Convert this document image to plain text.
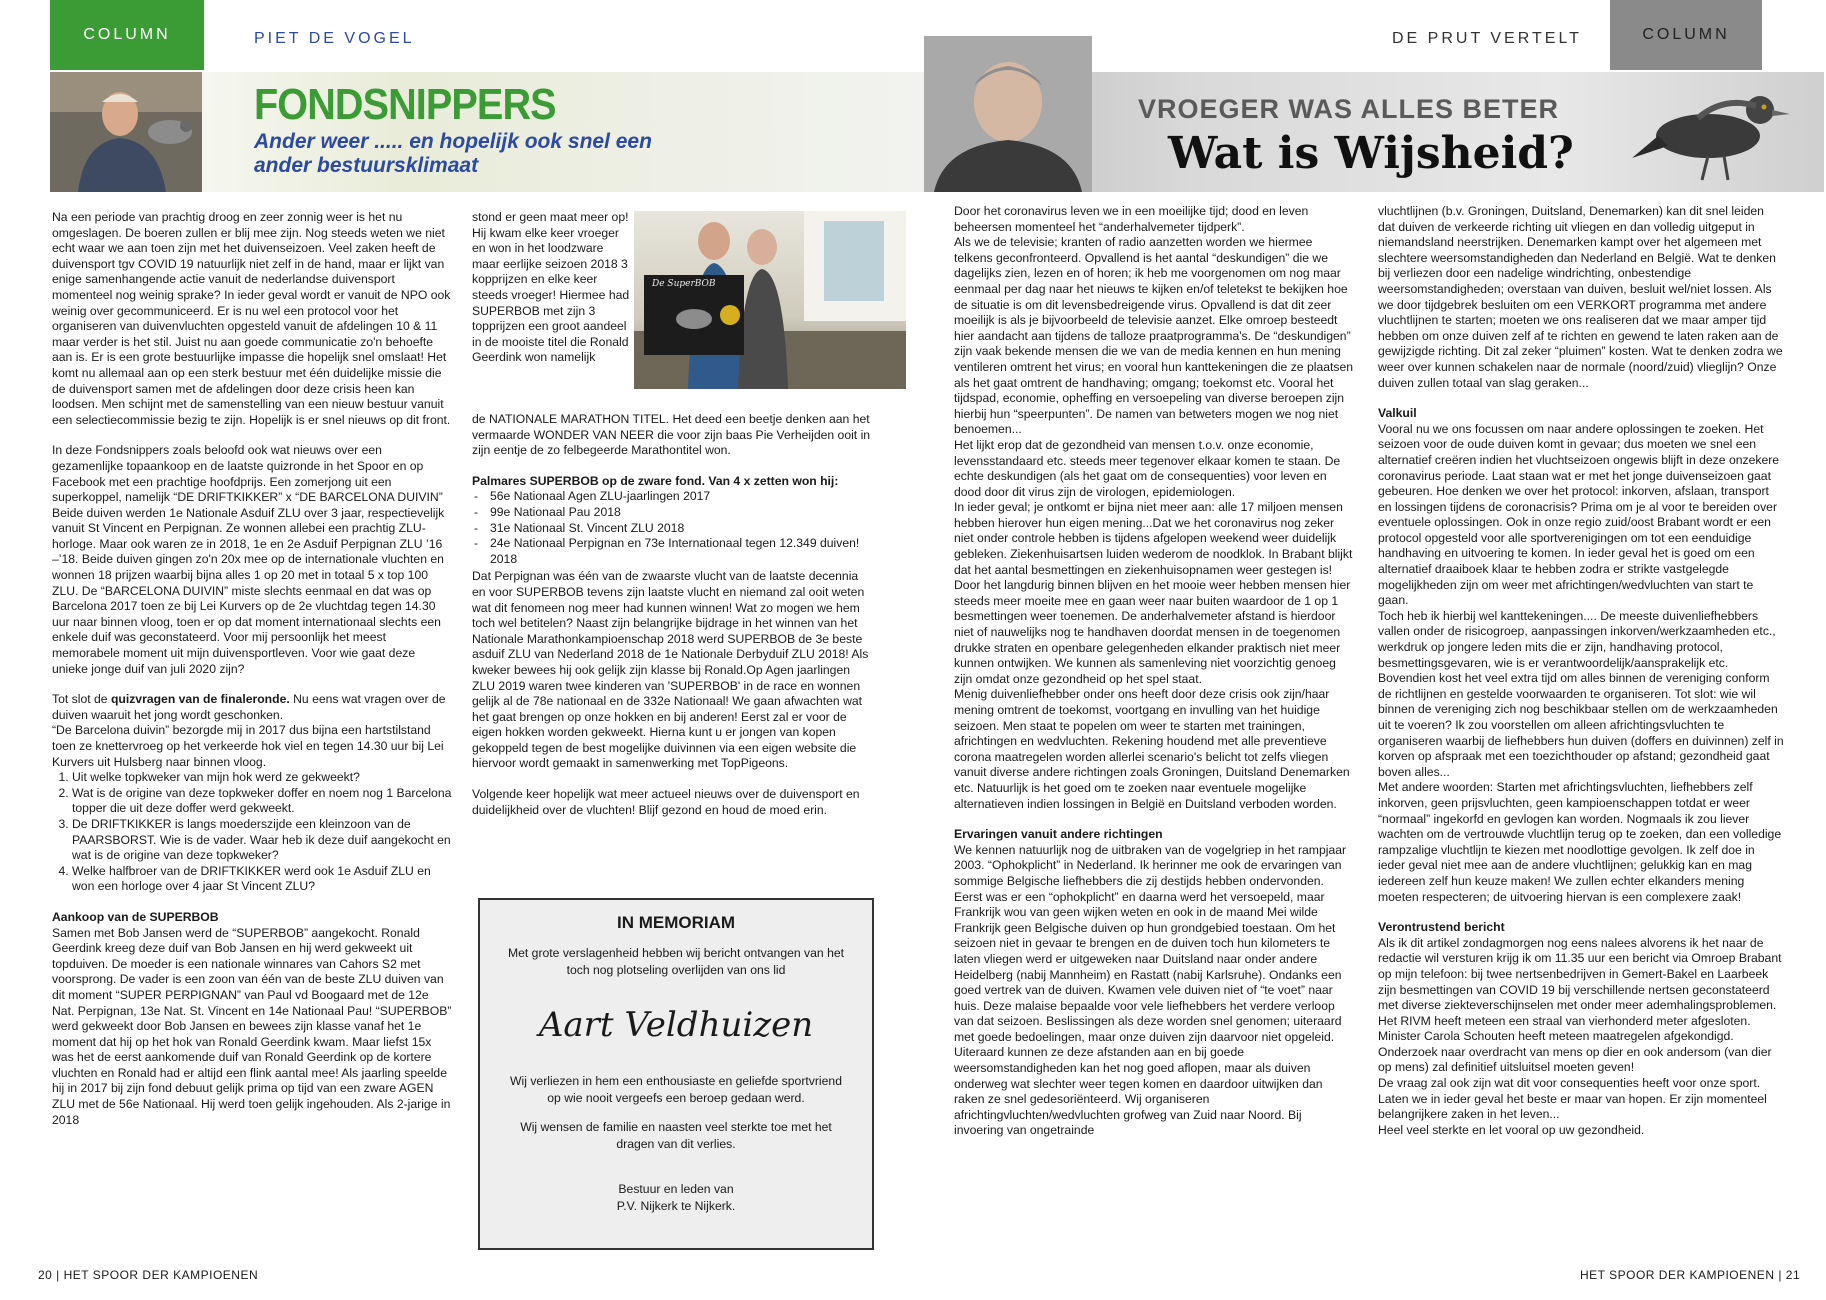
COLUMN	PIET DE VOGEL
FONDSNIPPERS
Ander weer ..... en hopelijk ook snel een
ander bestuursklimaat
DE PRUT VERTELT	COLUMN
VROEGER WAS ALLES BETER
Wat is Wijsheid?

Na een periode van prachtig droog en zeer zonnig weer is het nu omgeslagen. De boeren zullen er blij mee zijn. Nog steeds weten we niet echt waar we aan toen zijn met het duivenseizoen. Veel zaken heeft de duivensport tgv COVID 19 natuurlijk niet zelf in de hand, maar er lijkt van enige samenhangende actie vanuit de nederlandse duivensport momenteel nog weinig sprake? In ieder geval wordt er vanuit de NPO ook weinig over gecommuniceerd. Er is nu wel een protocol voor het organiseren van duivenvluchten opgesteld vanuit de afdelingen 10 & 11 maar verder is het stil. Juist nu aan goede communicatie zo'n behoefte aan is. Er is een grote bestuurlijke impasse die hopelijk snel omslaat! Het komt nu allemaal aan op een sterk bestuur met één duidelijke missie die de duivensport samen met de afdelingen door deze crisis heen kan loodsen. Men schijnt met de samenstelling van een nieuw bestuur vanuit een selectiecommissie bezig te zijn. Hopelijk is er snel nieuws op dit front.

In deze Fondsnippers zoals beloofd ook wat nieuws over een gezamenlijke topaankoop en de laatste quizronde in het Spoor en op Facebook met een prachtige hoofdprijs. Een zomerjong uit een superkoppel, namelijk “DE DRIFTKIKKER” x “DE BARCELONA DUIVIN” Beide duiven werden 1e Nationale Asduif ZLU over 3 jaar, respectievelijk vanuit St Vincent en Perpignan. Ze wonnen allebei een prachtig ZLU-horloge. Maar ook waren ze in 2018, 1e en 2e Asduif Perpignan ZLU ’16 –’18. Beide duiven gingen zo'n 20x mee op de internationale vluchten en wonnen 18 prijzen waarbij bijna alles 1 op 20 met in totaal 5 x top 100 ZLU. De “BARCELONA DUIVIN” miste slechts eenmaal en dat was op Barcelona 2017 toen ze bij Lei Kurvers op de 2e vluchtdag tegen 14.30 uur naar binnen vloog, toen er op dat moment internationaal slechts een enkele duif was geconstateerd. Voor mij persoonlijk het meest memorabele moment uit mijn duivensportleven. Voor wie gaat deze unieke jonge duif van juli 2020 zijn?

Tot slot de quizvragen van de finaleronde. Nu eens wat vragen over de duiven waaruit het jong wordt geschonken.

“De Barcelona duivin” bezorgde mij in 2017 dus bijna een hartstilstand toen ze knettervroeg op het verkeerde hok viel en tegen 14.30 uur bij Lei Kurvers uit Hulsberg naar binnen vloog.

1. Uit welke topkweker van mijn hok werd ze gekweekt?
2. Wat is de origine van deze topkweker doffer en noem nog 1 Barcelona topper die uit deze doffer werd gekweekt.
3. De DRIFTKIKKER is langs moederszijde een kleinzoon van de PAARSBORST. Wie is de vader. Waar heb ik deze duif aangekocht en wat is de origine van deze topkweker?
4. Welke halfbroer van de DRIFTKIKKER werd ook 1e Asduif ZLU en won een horloge over 4 jaar St Vincent ZLU?
Aankoop van de SUPERBOB

Samen met Bob Jansen werd de “SUPERBOB” aangekocht. Ronald Geerdink kreeg deze duif van Bob Jansen en hij werd gekweekt uit topduiven. De moeder is een nationale winnares van Cahors S2 met voorsprong. De vader is een zoon van één van de beste ZLU duiven van dit moment “SUPER PERPIGNAN” van Paul vd Boogaard met de 12e Nat. Perpignan, 13e Nat. St. Vincent en 14e Nationaal Pau! “SUPERBOB” werd gekweekt door Bob Jansen en bewees zijn klasse vanaf het 1e moment dat hij op het hok van Ronald Geerdink kwam. Maar liefst 15x was het de eerst aankomende duif van Ronald Geerdink op de kortere vluchten en Ronald had er altijd een flink aantal mee! Als jaarling speelde hij in 2017 bij zijn fond debuut gelijk prima op tijd van een zware AGEN ZLU met de 56e Nationaal. Hij werd toen gelijk ingehouden. Als 2-jarige in 2018

stond er geen maat meer op! Hij kwam elke keer vroeger en won in het loodzware maar eerlijke seizoen 2018 3 kopprijzen en elke keer steeds vroeger! Hiermee had SUPERBOB met zijn 3 topprijzen een groot aandeel in de mooiste titel die Ronald Geerdink won namelijk

De SuperBOB

de NATIONALE MARATHON TITEL. Het deed een beetje denken aan het vermaarde WONDER VAN NEER die voor zijn baas Pie Verheijden ooit in zijn eentje de zo felbegeerde Marathontitel won.

Palmares SUPERBOB op de zware fond. Van 4 x zetten won hij:
- 56e Nationaal Agen ZLU-jaarlingen 2017
- 99e Nationaal Pau 2018
- 31e Nationaal St. Vincent ZLU 2018
- 24e Nationaal Perpignan en 73e Internationaal tegen 12.349 duiven! 2018

Dat Perpignan was één van de zwaarste vlucht van de laatste decennia en voor SUPERBOB tevens zijn laatste vlucht en niemand zal ooit weten wat dit fenomeen nog meer had kunnen winnen! Wat zo mogen we hem toch wel betitelen? Naast zijn belangrijke bijdrage in het winnen van het Nationale Marathonkampioenschap 2018 werd SUPERBOB de 3e beste asduif ZLU van Nederland 2018 de 1e Nationale Derbyduif ZLU 2018! Als kweker bewees hij ook gelijk zijn klasse bij Ronald.Op Agen jaarlingen ZLU 2019 waren twee kinderen van 'SUPERBOB' in de race en wonnen gelijk al de 78e nationaal en de 332e Nationaal! We gaan afwachten wat het gaat brengen op onze hokken en bij anderen! Eerst zal er voor de eigen hokken worden gekweekt. Hierna kunt u er jongen van kopen gekoppeld tegen de best mogelijke duivinnen via een eigen website die hiervoor wordt gemaakt in samenwerking met TopPigeons.

Volgende keer hopelijk wat meer actueel nieuws over de duivensport en duidelijkheid over de vluchten! Blijf gezond en houd de moed erin.

IN MEMORIAM
Met grote verslagenheid hebben wij bericht ontvangen van het toch nog plotseling overlijden van ons lid
Aart Veldhuizen
Wij verliezen in hem een enthousiaste en geliefde sportvriend op wie nooit vergeefs een beroep gedaan werd.
Wij wensen de familie en naasten veel sterkte toe met het dragen van dit verlies.
Bestuur en leden van
P.V. Nijkerk te Nijkerk.

Door het coronavirus leven we in een moeilijke tijd; dood en leven beheersen momenteel het “anderhalvemeter tijdperk”.

Als we de televisie; kranten of radio aanzetten worden we hiermee telkens geconfronteerd. Opvallend is het aantal “deskundigen” die we dagelijks zien, lezen en of horen; ik heb me voorgenomen om nog maar eenmaal per dag naar het nieuws te kijken en/of teletekst te bekijken hoe de situatie is om dit levensbedreigende virus. Opvallend is dat dit zeer moeilijk is als je bijvoorbeeld de televisie aanzet. Elke omroep besteedt hier aandacht aan tijdens de talloze praatprogramma's. De “deskundigen” zijn vaak bekende mensen die we van de media kennen en hun mening ventileren omtrent het virus; en vooral hun kanttekeningen die ze plaatsen als het gaat omtrent de handhaving; omgang; toekomst etc. Vooral het tijdspad, economie, opheffing en versoepeling van diverse beroepen zijn hierbij hun “speerpunten”. De namen van betweters mogen we nog niet benoemen...

Het lijkt erop dat de gezondheid van mensen t.o.v. onze economie, levensstandaard etc. steeds meer tegenover elkaar komen te staan. De echte deskundigen (als het gaat om de consequenties) voor leven en dood door dit virus zijn de virologen, epidemiologen.

In ieder geval; je ontkomt er bijna niet meer aan: alle 17 miljoen mensen hebben hierover hun eigen mening...Dat we het coronavirus nog zeker niet onder controle hebben is tijdens afgelopen weekend weer duidelijk gebleken. Ziekenhuisartsen luiden wederom de noodklok. In Brabant blijkt dat het aantal besmettingen en ziekenhuisopnamen weer gestegen is! Door het langdurig binnen blijven en het mooie weer hebben mensen hier steeds meer moeite mee en gaan weer naar buiten waardoor de 1 op 1 besmettingen weer toenemen. De anderhalvemeter afstand is hierdoor niet of nauwelijks nog te handhaven doordat mensen in de toegenomen drukke straten en openbare gelegenheden elkander praktisch niet meer kunnen ontwijken. We kunnen als samenleving niet voorzichtig genoeg zijn omdat onze gezondheid op het spel staat.

Menig duivenliefhebber onder ons heeft door deze crisis ook zijn/haar mening omtrent de toekomst, voortgang en invulling van het huidige seizoen. Men staat te popelen om weer te starten met trainingen, africhtingen en wedvluchten. Rekening houdend met alle preventieve corona maatregelen worden allerlei scenario's belicht tot zelfs vliegen vanuit diverse andere richtingen zoals Groningen, Duitsland Denemarken etc. Natuurlijk is het goed om te zoeken naar eventuele mogelijke alternatieven indien lossingen in België en Duitsland verboden worden.

Ervaringen vanuit andere richtingen

We kennen natuurlijk nog de uitbraken van de vogelgriep in het rampjaar 2003. “Ophokplicht” in Nederland. Ik herinner me ook de ervaringen van sommige Belgische liefhebbers die zij destijds hebben ondervonden. Eerst was er een “ophokplicht” en daarna werd het versoepeld, maar Frankrijk wou van geen wijken weten en ook in de maand Mei wilde Frankrijk geen Belgische duiven op hun grondgebied toestaan. Om het seizoen niet in gevaar te brengen en de duiven toch hun kilometers te laten vliegen werd er uitgeweken naar Duitsland naar onder andere Heidelberg (nabij Mannheim) en Rastatt (nabij Karlsruhe). Ondanks een goed vertrek van de duiven. Kwamen vele duiven niet of “te voet” naar huis. Deze malaise bepaalde voor vele liefhebbers het verdere verloop van dat seizoen. Beslissingen als deze worden snel genomen; uiteraard met goede bedoelingen, maar onze duiven zijn daarvoor niet opgeleid. Uiteraard kunnen ze deze afstanden aan en bij goede weersomstandigheden kan het nog goed aflopen, maar als duiven onderweg wat slechter weer tegen komen en daardoor uitwijken dan raken ze snel gedesoriënteerd. Wij organiseren africhtingvluchten/wedvluchten grofweg van Zuid naar Noord. Bij invoering van ongetrainde

vluchtlijnen (b.v. Groningen, Duitsland, Denemarken) kan dit snel leiden dat duiven de verkeerde richting uit vliegen en dan volledig uitgeput in niemandsland neerstrijken. Denemarken kampt over het algemeen met slechtere weersomstandigheden dan Nederland en België. Wat te denken bij verliezen door een nadelige windrichting, onbestendige weersomstandigheden; overstaan van duiven, besluit wel/niet lossen. Als we door tijdgebrek besluiten om een VERKORT programma met andere vluchtlijnen te starten; moeten we ons realiseren dat we maar amper tijd hebben om onze duiven zelf af te richten en gewend te laten raken aan de gewijzigde richting. Dit zal zeker “pluimen” kosten. Wat te denken zodra we weer over kunnen schakelen naar de normale (noord/zuid) vlieglijn? Onze duiven zullen totaal van slag geraken...

Valkuil

Vooral nu we ons focussen om naar andere oplossingen te zoeken. Het seizoen voor de oude duiven komt in gevaar; dus moeten we snel een alternatief creëren indien het vluchtseizoen ongewis blijft in deze onzekere coronavirus periode. Laat staan wat er met het jonge duivenseizoen gaat gebeuren. Hoe denken we over het protocol: inkorven, afslaan, transport en lossingen tijdens de coronacrisis? Prima om je al voor te bereiden over eventuele oplossingen. Ook in onze regio zuid/oost Brabant wordt er een protocol opgesteld voor alle sportverenigingen om tot een eenduidige handhaving en uitvoering te komen. In ieder geval het is goed om een alternatief draaiboek klaar te hebben zodra er strikte vastgelegde mogelijkheden zijn om weer met africhtingen/wedvluchten van start te gaan.

Toch heb ik hierbij wel kanttekeningen.... De meeste duivenliefhebbers vallen onder de risicogroep, aanpassingen inkorven/werkzaamheden etc., werkdruk op jongere leden mits die er zijn, handhaving protocol, besmettingsgevaren, wie is er verantwoordelijk/aansprakelijk etc. Bovendien kost het veel extra tijd om alles binnen de vereniging conform de richtlijnen en gestelde voorwaarden te organiseren. Tot slot: wie wil binnen de vereniging zich nog beschikbaar stellen om de werkzaamheden uit te voeren? Ik zou voorstellen om alleen africhtingsvluchten te organiseren waarbij de liefhebbers hun duiven (doffers en duivinnen) zelf in korven op afspraak met een toezichthouder op afstand; gezondheid gaat boven alles...

Met andere woorden: Starten met africhtingsvluchten, liefhebbers zelf inkorven, geen prijsvluchten, geen kampioenschappen totdat er weer “normaal” ingekorfd en gevlogen kan worden. Nogmaals ik zou liever wachten om de vertrouwde vluchtlijn terug op te zoeken, dan een volledige rampzalige vluchtlijn te kiezen met noodlottige gevolgen. Ik zelf doe in ieder geval niet mee aan de andere vluchtlijnen; gelukkig kan en mag iedereen zelf hun keuze maken! We zullen echter elkanders mening moeten respecteren; de uitvoering hiervan is een complexere zaak!

Verontrustend bericht

Als ik dit artikel zondagmorgen nog eens nalees alvorens ik het naar de redactie wil versturen krijg ik om 11.35 uur een bericht via Omroep Brabant op mijn telefoon: bij twee nertsenbedrijven in Gemert-Bakel en Laarbeek zijn besmettingen van COVID 19 bij verschillende nertsen geconstateerd met diverse ziekteverschijnselen met onder meer ademhalingsproblemen. Het RIVM heeft meteen een straal van vierhonderd meter afgesloten. Minister Carola Schouten heeft meteen maatregelen afgekondigd. Onderzoek naar overdracht van mens op dier en ook andersom (van dier op mens) zal definitief uitsluitsel moeten geven!

De vraag zal ook zijn wat dit voor consequenties heeft voor onze sport. Laten we in ieder geval het beste er maar van hopen. Er zijn momenteel belangrijkere zaken in het leven...

Heel veel sterkte en let vooral op uw gezondheid.

20 | HET SPOOR DER KAMPIOENEN	HET SPOOR DER KAMPIOENEN | 21
